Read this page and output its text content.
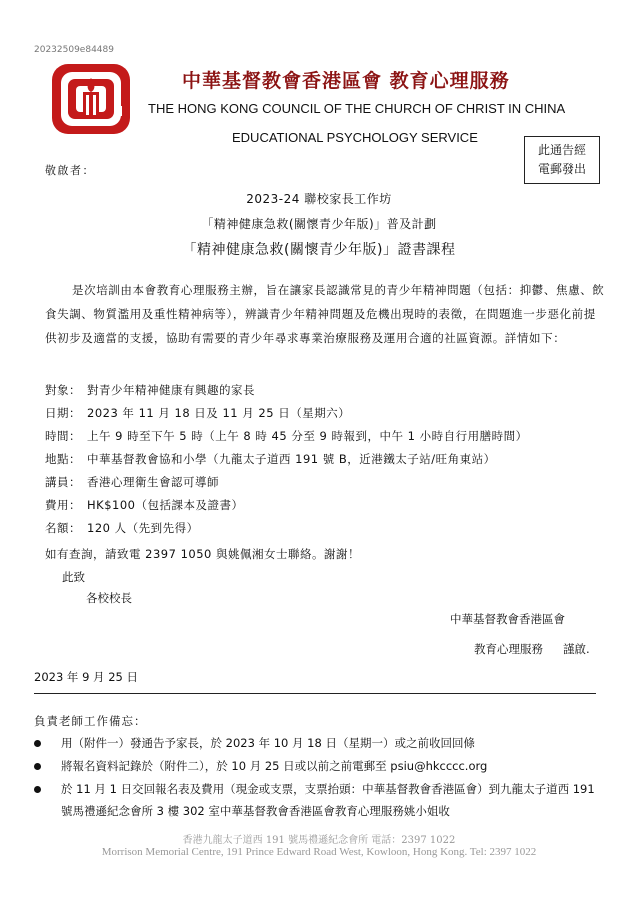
20232509e84489
中華基督教會香港區會 教育心理服務
THE HONG KONG COUNCIL OF THE CHURCH OF CHRIST IN CHINA
EDUCATIONAL PSYCHOLOGY SERVICE
此通告經
電郵發出
敬啟者：
2023-24 聯校家長工作坊
「精神健康急救(關懷青少年版)」普及計劃
「精神健康急救(關懷青少年版)」證書課程

是次培訓由本會教育心理服務主辦，旨在讓家長認識常見的青少年精神問題（包括：抑鬱、焦慮、飲食失調、物質濫用及重性精神病等），辨識青少年精神問題及危機出現時的表徵，在問題進一步惡化前提供初步及適當的支援，協助有需要的青少年尋求專業治療服務及運用合適的社區資源。詳情如下：

對象： 對青少年精神健康有興趣的家長
日期： 2023 年 11 月 18 日及 11 月 25 日（星期六）
時間： 上午 9 時至下午 5 時（上午 8 時 45 分至 9 時報到，中午 1 小時自行用膳時間）
地點： 中華基督教會協和小學（九龍太子道西 191 號 B，近港鐵太子站/旺角東站）
講員： 香港心理衛生會認可導師
費用： HK$100（包括課本及證書）
名額： 120 人（先到先得）
如有查詢，請致電 2397 1050 與姚佩湘女士聯絡。謝謝！
此致
各校校長
中華基督教會香港區會
教育心理服務 謹啟.
2023 年 9 月 25 日
負責老師工作備忘：
用（附件一）發通告予家長，於 2023 年 10 月 18 日（星期一）或之前收回回條
將報名資料記錄於（附件二），於 10 月 25 日或以前之前電郵至 psiu@hkcccc.org
於 11 月 1 日交回報名表及費用（現金或支票，支票抬頭：中華基督教會香港區會）到九龍太子道西 191 號馬禮遜紀念會所 3 樓 302 室中華基督教會香港區會教育心理服務姚小姐收
香港九龍太子道西 191 號馬禮遜紀念會所 電話：2397 1022
Morrison Memorial Centre, 191 Prince Edward Road West, Kowloon, Hong Kong. Tel: 2397 1022
